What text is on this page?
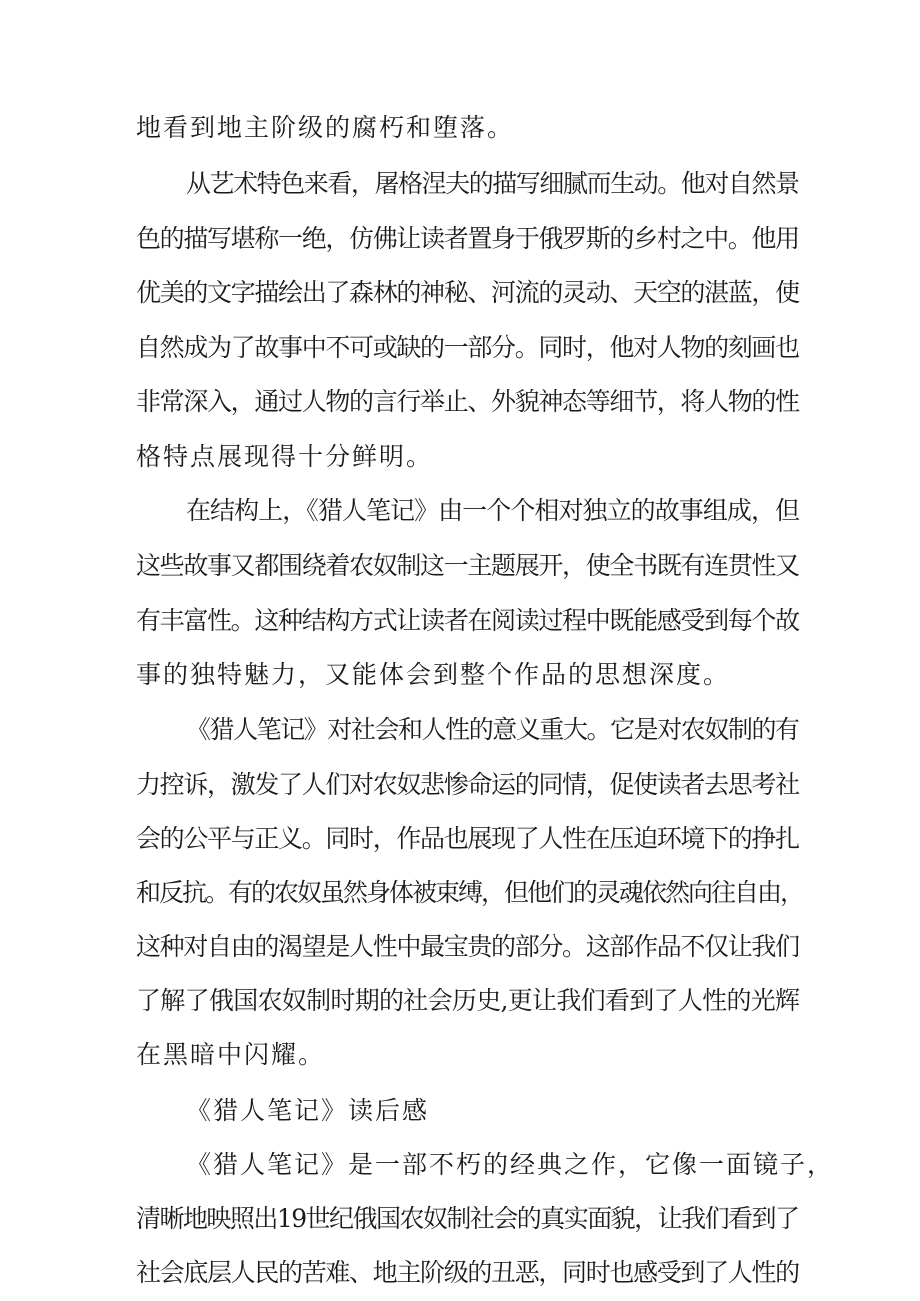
地看到地主阶级的腐朽和堕落。
从艺术特色来看，屠格涅夫的描写细腻而生动。他对自然景
色的描写堪称一绝，仿佛让读者置身于俄罗斯的乡村之中。他用
优美的文字描绘出了森林的神秘、河流的灵动、天空的湛蓝，使
自然成为了故事中不可或缺的一部分。同时，他对人物的刻画也
非常深入，通过人物的言行举止、外貌神态等细节，将人物的性
格特点展现得十分鲜明。
在结构上，《猎人笔记》由一个个相对独立的故事组成，但
这些故事又都围绕着农奴制这一主题展开，使全书既有连贯性又
有丰富性。这种结构方式让读者在阅读过程中既能感受到每个故
事的独特魅力，又能体会到整个作品的思想深度。
《猎人笔记》对社会和人性的意义重大。它是对农奴制的有
力控诉，激发了人们对农奴悲惨命运的同情，促使读者去思考社
会的公平与正义。同时，作品也展现了人性在压迫环境下的挣扎
和反抗。有的农奴虽然身体被束缚，但他们的灵魂依然向往自由，
这种对自由的渴望是人性中最宝贵的部分。这部作品不仅让我们
了解了俄国农奴制时期的社会历史,更让我们看到了人性的光辉
在黑暗中闪耀。
《猎人笔记》读后感
《猎人笔记》是一部不朽的经典之作，它像一面镜子，
清晰地映照出19世纪俄国农奴制社会的真实面貌，让我们看到了
社会底层人民的苦难、地主阶级的丑恶，同时也感受到了人性的
